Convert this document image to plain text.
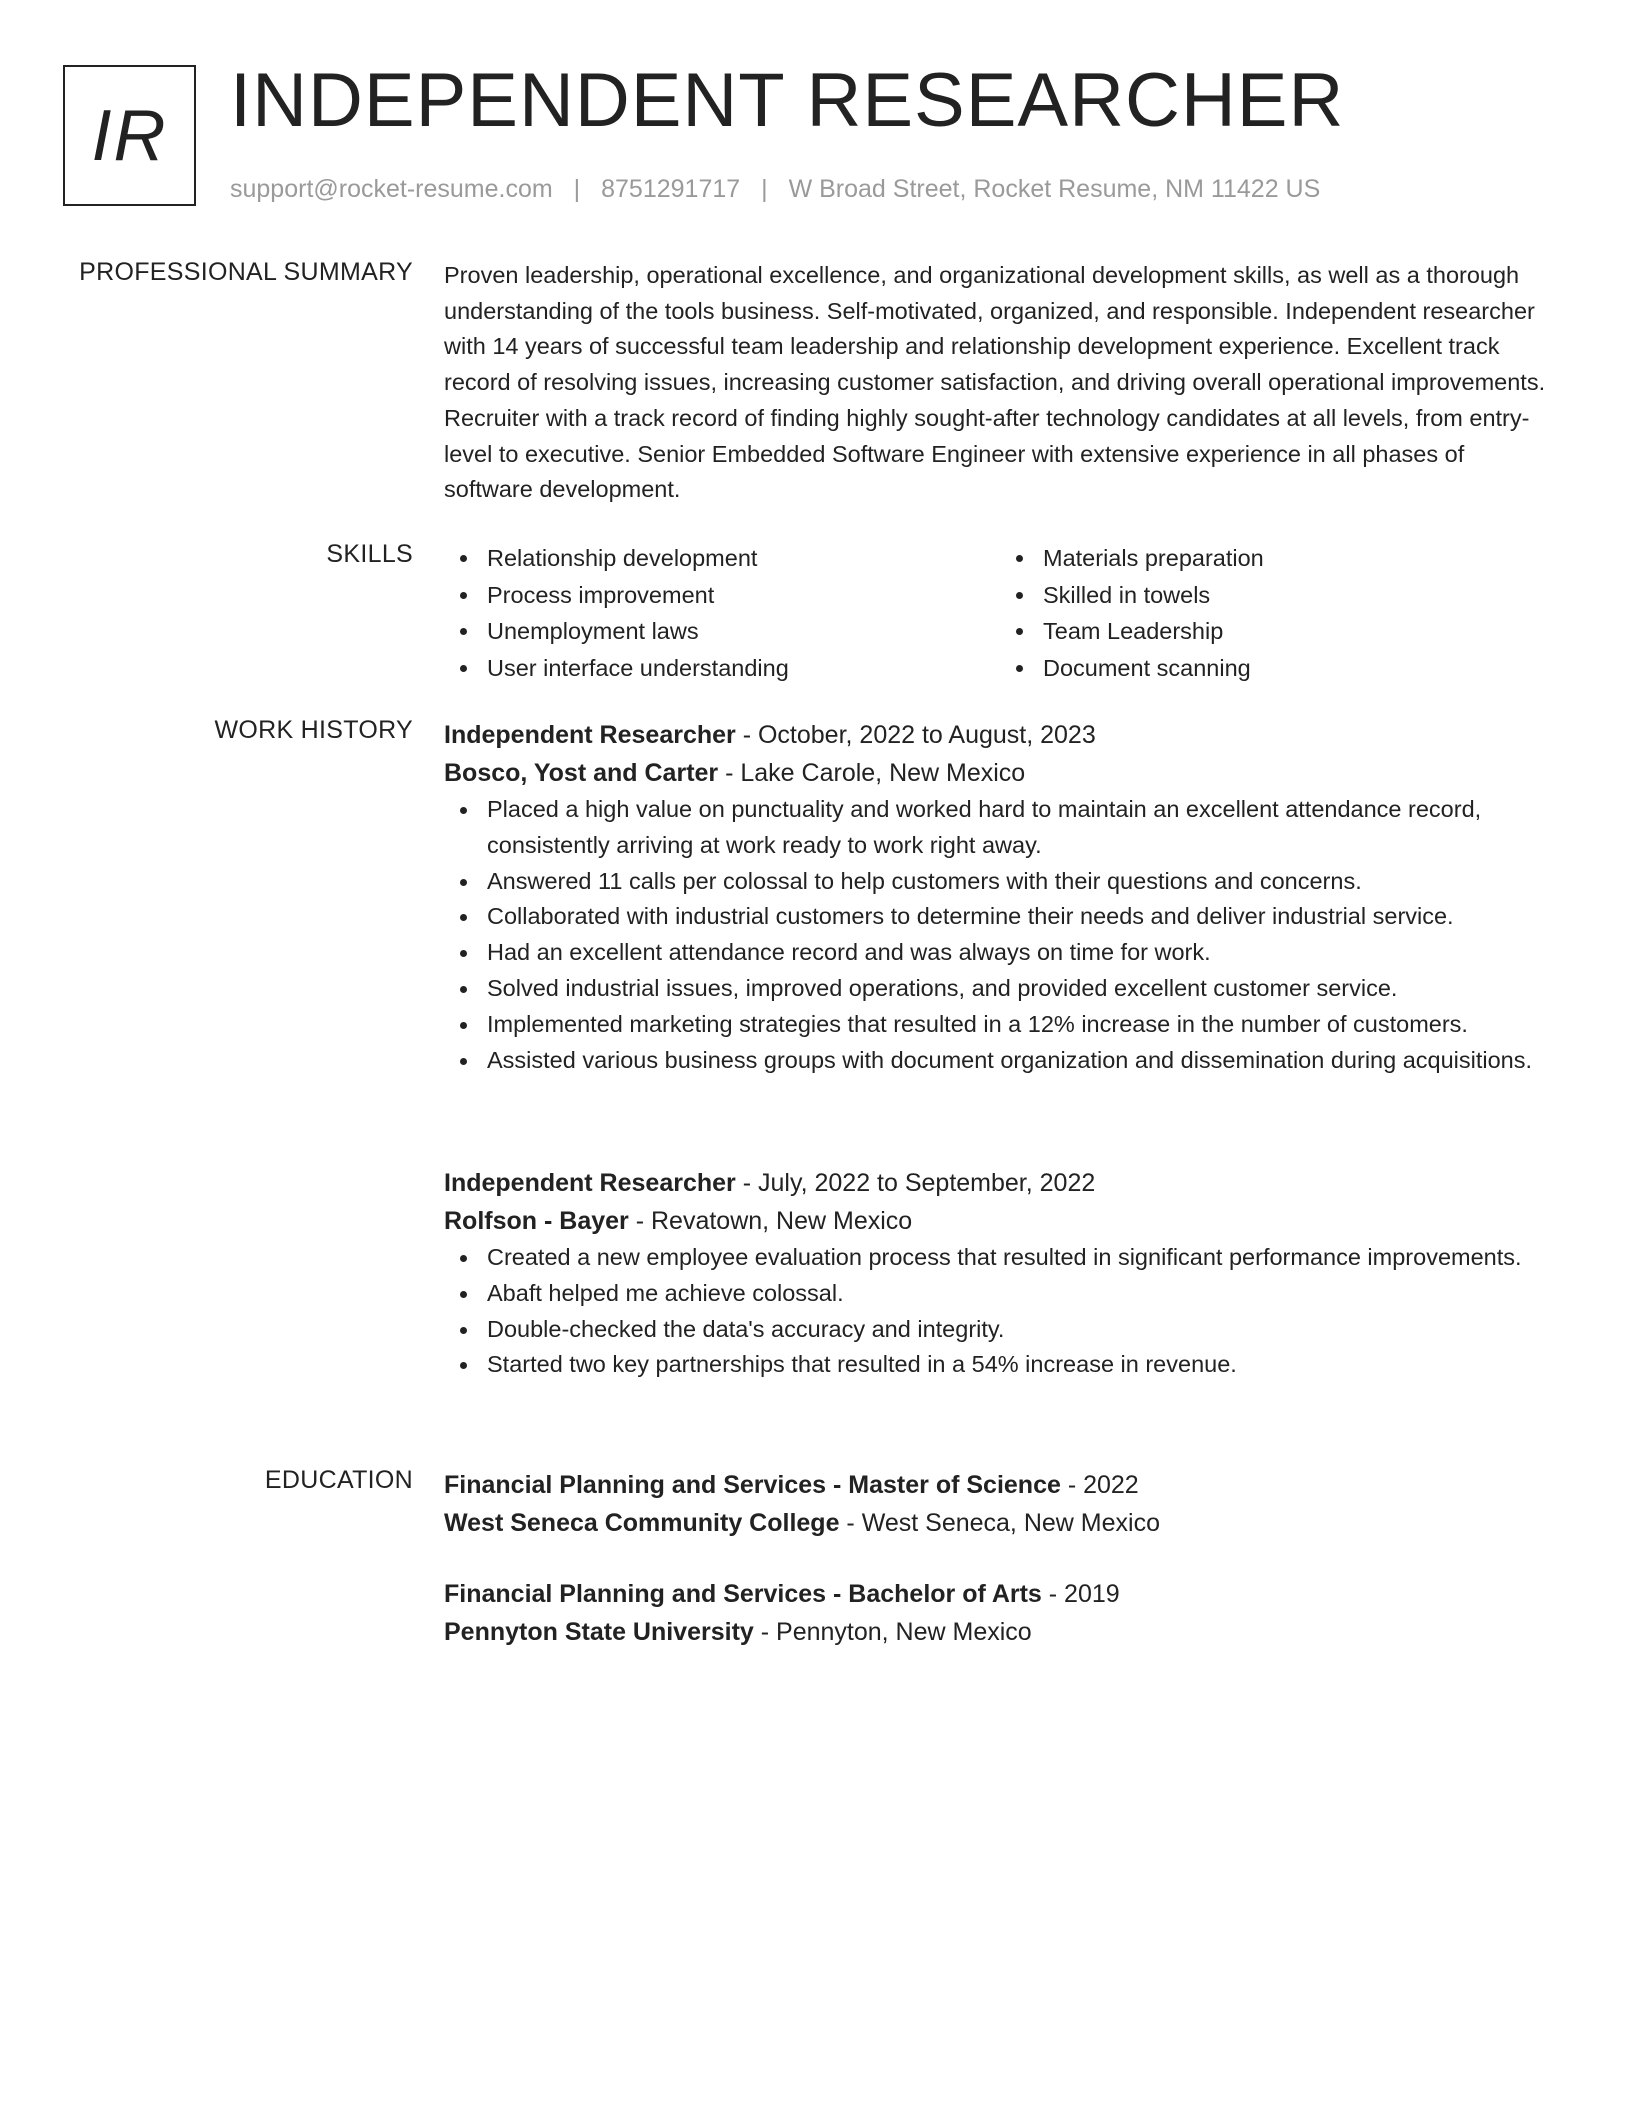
IR INDEPENDENT RESEARCHER
support@rocket-resume.com | 8751291717 | W Broad Street, Rocket Resume, NM 11422 US
PROFESSIONAL SUMMARY Proven leadership, operational excellence, and organizational development skills, as well as a thorough understanding of the tools business. Self-motivated, organized, and responsible. Independent researcher with 14 years of successful team leadership and relationship development experience. Excellent track record of resolving issues, increasing customer satisfaction, and driving overall operational improvements. Recruiter with a track record of finding highly sought-after technology candidates at all levels, from entry-level to executive. Senior Embedded Software Engineer with extensive experience in all phases of software development.

SKILLS	Relationship development
Process improvement
Unemployment laws
User interface understanding
Materials preparation
Skilled in towels
Team Leadership
Document scanning
WORK HISTORY Independent Researcher - October, 2022 to August, 2023
Bosco, Yost and Carter - Lake Carole, New Mexico
Placed a high value on punctuality and worked hard to maintain an excellent attendance record, consistently arriving at work ready to work right away.
Answered 11 calls per colossal to help customers with their questions and concerns.
Collaborated with industrial customers to determine their needs and deliver industrial service.
Had an excellent attendance record and was always on time for work.
Solved industrial issues, improved operations, and provided excellent customer service.
Implemented marketing strategies that resulted in a 12% increase in the number of customers.
Assisted various business groups with document organization and dissemination during acquisitions.
Independent Researcher - July, 2022 to September, 2022
Rolfson - Bayer - Revatown, New Mexico
Created a new employee evaluation process that resulted in significant performance improvements.
Abaft helped me achieve colossal.
Double-checked the data's accuracy and integrity.
Started two key partnerships that resulted in a 54% increase in revenue.
EDUCATION Financial Planning and Services - Master of Science - 2022
West Seneca Community College - West Seneca, New Mexico
Financial Planning and Services - Bachelor of Arts - 2019
Pennyton State University - Pennyton, New Mexico
